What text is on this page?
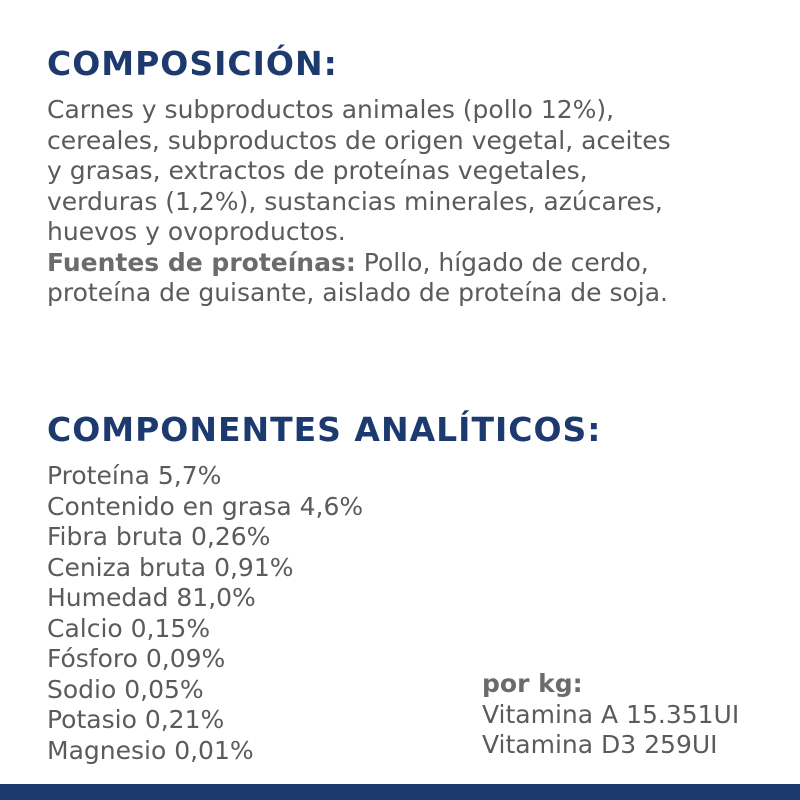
COMPOSICIÓN:
Carnes y subproductos animales (pollo 12%),
cereales, subproductos de origen vegetal, aceites
y grasas, extractos de proteínas vegetales,
verduras (1,2%), sustancias minerales, azúcares,
huevos y ovoproductos.
Fuentes de proteínas: Pollo, hígado de cerdo,
proteína de guisante, aislado de proteína de soja.
COMPONENTES ANALÍTICOS:
Proteína 5,7%
Contenido en grasa 4,6%
Fibra bruta 0,26%
Ceniza bruta 0,91%
Humedad 81,0%
Calcio 0,15%
Fósforo 0,09%
Sodio 0,05%
Potasio 0,21%
Magnesio 0,01%
por kg:
Vitamina A 15.351UI
Vitamina D3 259UI
